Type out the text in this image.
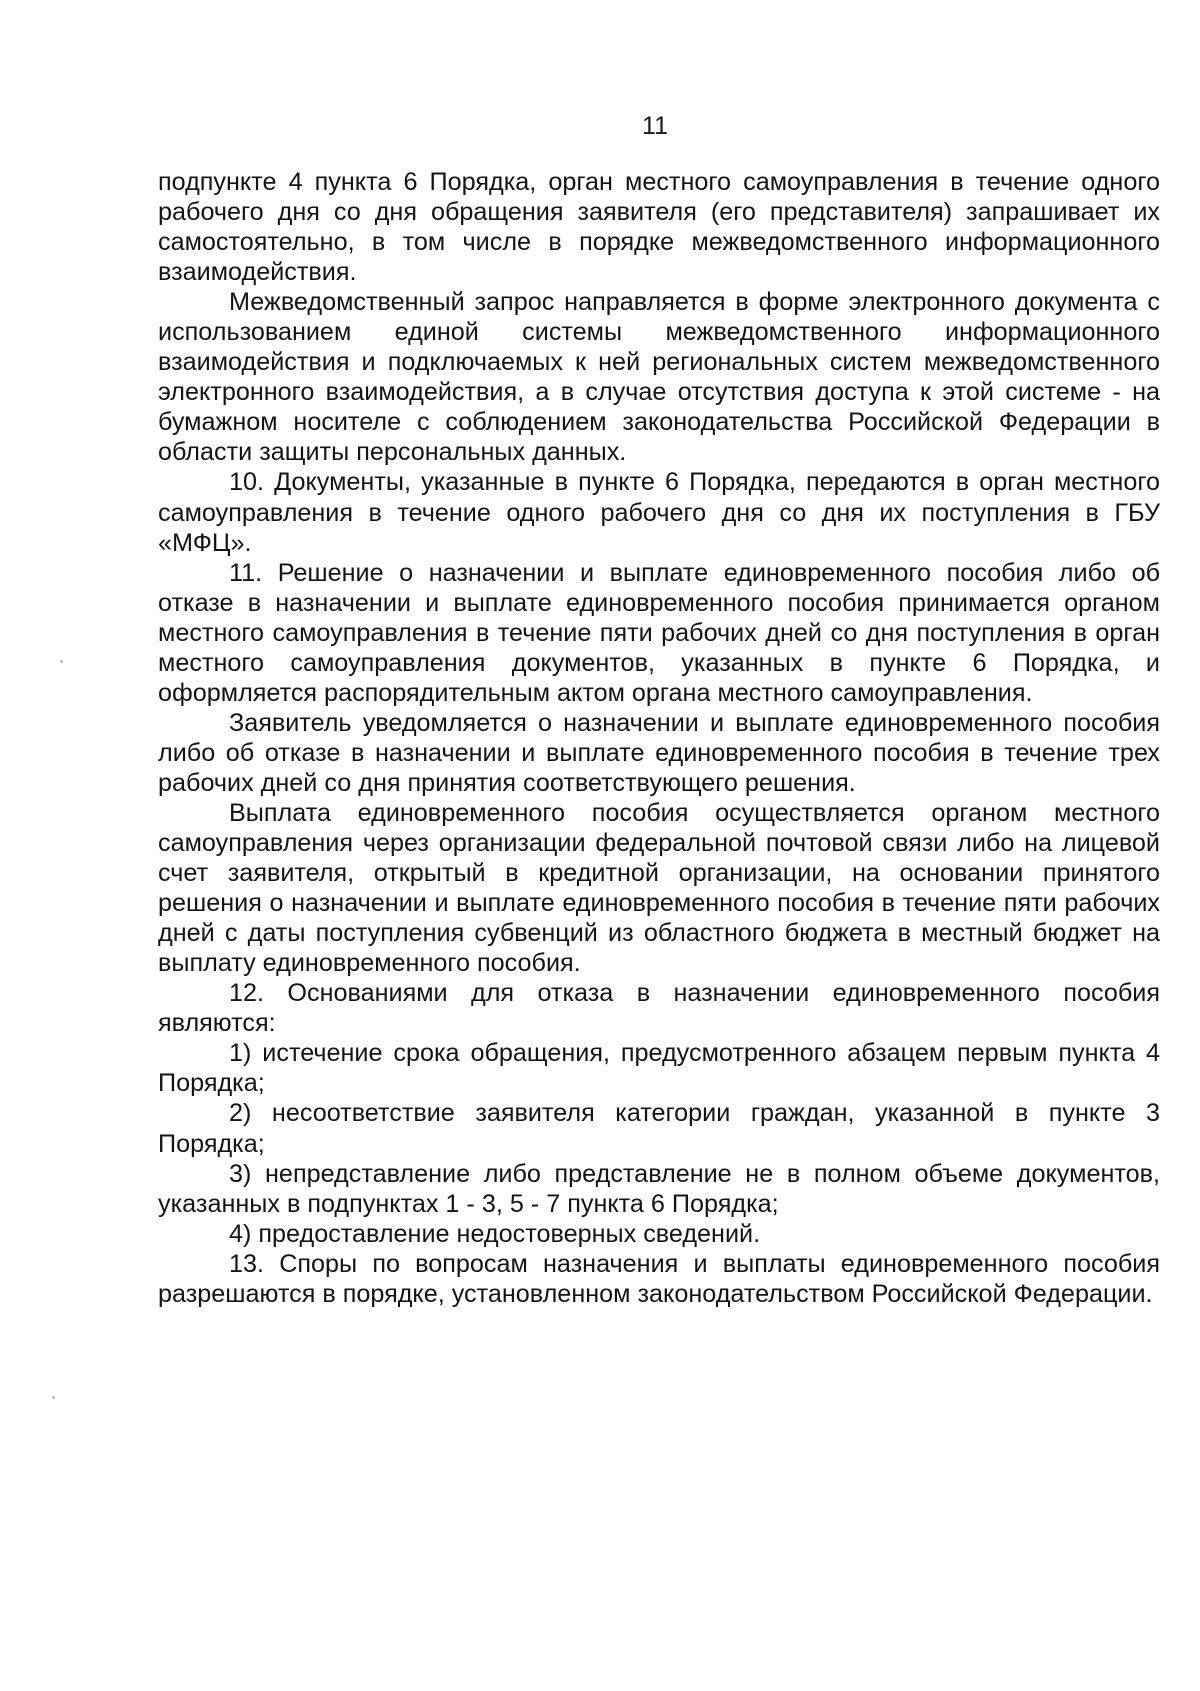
11

подпункте 4 пункта 6 Порядка, орган местного самоуправления в течение одного рабочего дня со дня обращения заявителя (его представителя) запрашивает их самостоятельно, в том числе в порядке межведомственного информационного взаимодействия.

Межведомственный запрос направляется в форме электронного документа с использованием единой системы межведомственного информационного взаимодействия и подключаемых к ней региональных систем межведомственного электронного взаимодействия, а в случае отсутствия доступа к этой системе - на бумажном носителе с соблюдением законодательства Российской Федерации в области защиты персональных данных.

10. Документы, указанные в пункте 6 Порядка, передаются в орган местного самоуправления в течение одного рабочего дня со дня их поступления в ГБУ «МФЦ».

11. Решение о назначении и выплате единовременного пособия либо об отказе в назначении и выплате единовременного пособия принимается органом местного самоуправления в течение пяти рабочих дней со дня поступления в орган местного самоуправления документов, указанных в пункте 6 Порядка, и оформляется распорядительным актом органа местного самоуправления.

Заявитель уведомляется о назначении и выплате единовременного пособия либо об отказе в назначении и выплате единовременного пособия в течение трех рабочих дней со дня принятия соответствующего решения.

Выплата единовременного пособия осуществляется органом местного самоуправления через организации федеральной почтовой связи либо на лицевой счет заявителя, открытый в кредитной организации, на основании принятого решения о назначении и выплате единовременного пособия в течение пяти рабочих дней с даты поступления субвенций из областного бюджета в местный бюджет на выплату единовременного пособия.

12. Основаниями для отказа в назначении единовременного пособия являются:

1) истечение срока обращения, предусмотренного абзацем первым пункта 4 Порядка;

2) несоответствие заявителя категории граждан, указанной в пункте 3 Порядка;

3) непредставление либо представление не в полном объеме документов, указанных в подпунктах 1 - 3, 5 - 7 пункта 6 Порядка;

4) предоставление недостоверных сведений.

13. Споры по вопросам назначения и выплаты единовременного пособия разрешаются в порядке, установленном законодательством Российской Федерации.
